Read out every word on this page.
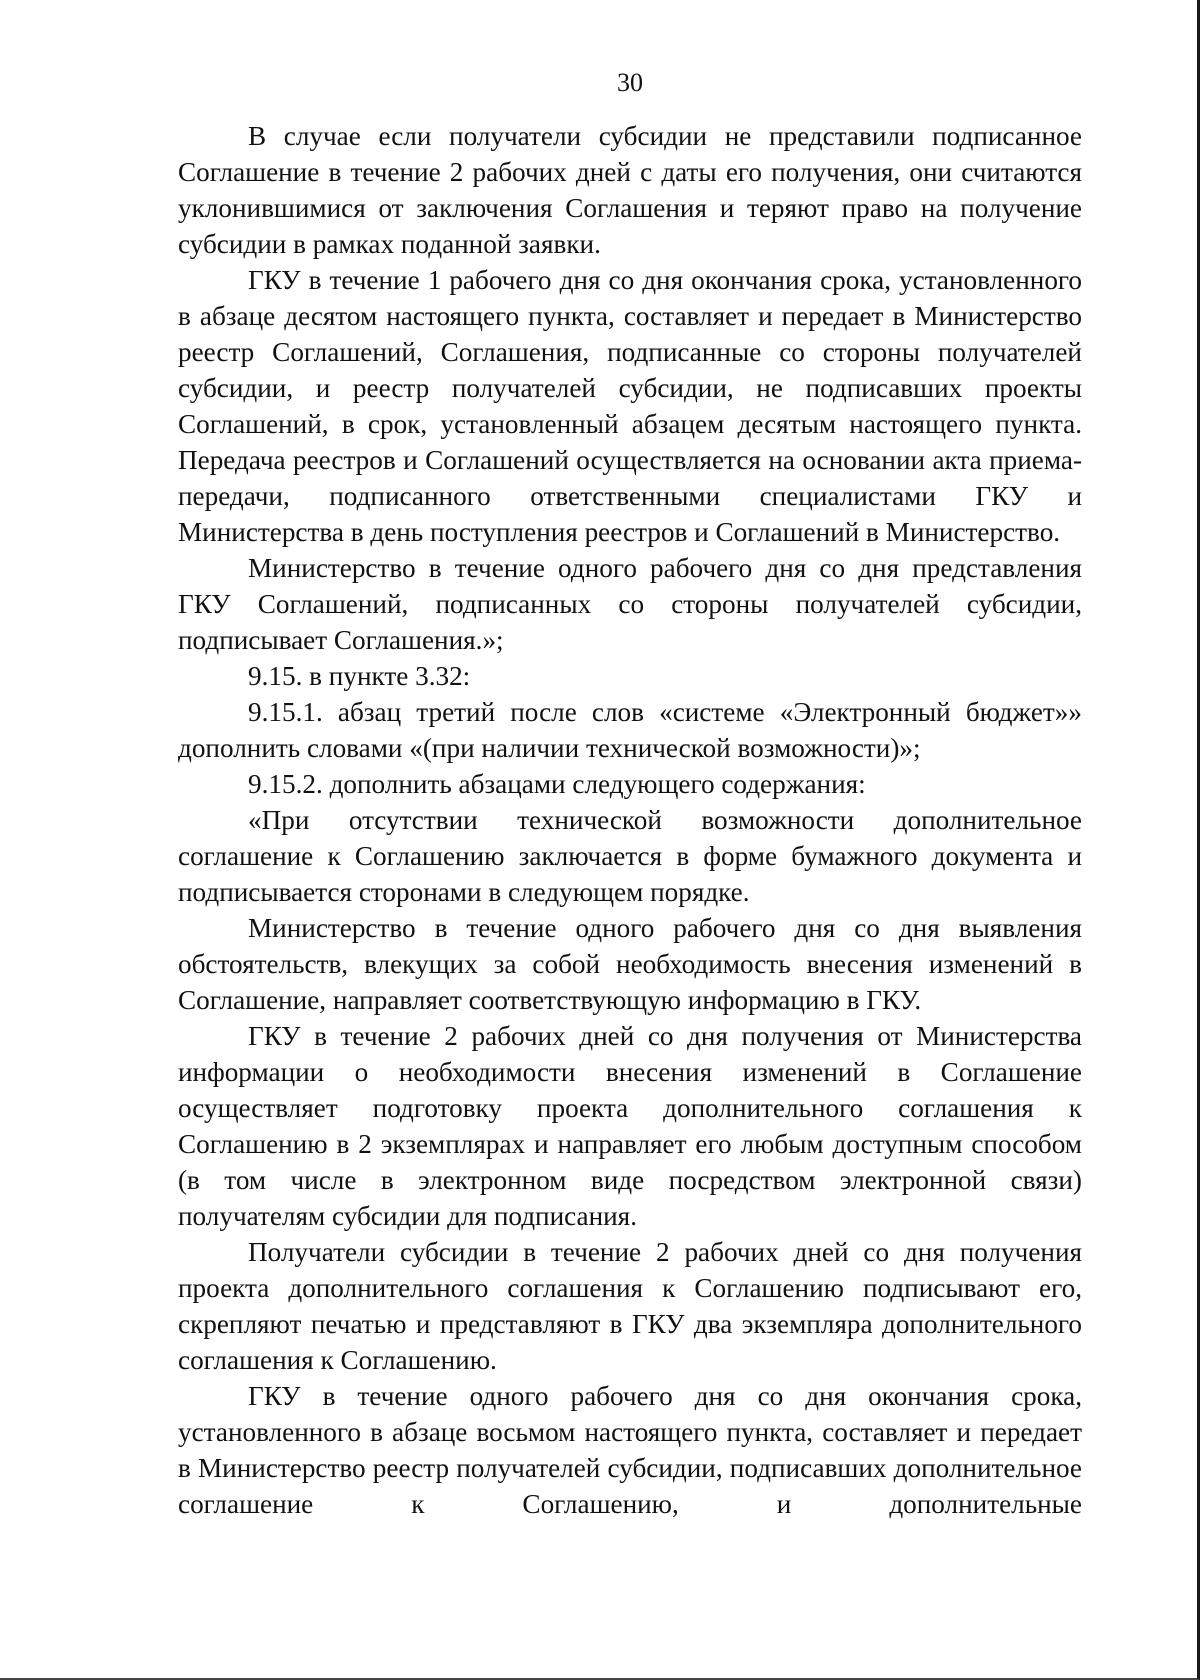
30

В случае если получатели субсидии не представили подписанное Соглашение в течение 2 рабочих дней с даты его получения, они считаются уклонившимися от заключения Соглашения и теряют право на получение субсидии в рамках поданной заявки.

ГКУ в течение 1 рабочего дня со дня окончания срока, установленного в абзаце десятом настоящего пункта, составляет и передает в Министерство реестр Соглашений, Соглашения, подписанные со стороны получателей субсидии, и реестр получателей субсидии, не подписавших проекты Соглашений, в срок, установленный абзацем десятым настоящего пункта. Передача реестров и Соглашений осуществляется на основании акта приема-передачи, подписанного ответственными специалистами ГКУ и Министерства в день поступления реестров и Соглашений в Министерство.

Министерство в течение одного рабочего дня со дня представления ГКУ Соглашений, подписанных со стороны получателей субсидии, подписывает Соглашения.»;

9.15. в пункте 3.32:

9.15.1. абзац третий после слов «системе «Электронный бюджет»» дополнить словами «(при наличии технической возможности)»;

9.15.2. дополнить абзацами следующего содержания:

«При отсутствии технической возможности дополнительное соглашение к Соглашению заключается в форме бумажного документа и подписывается сторонами в следующем порядке.

Министерство в течение одного рабочего дня со дня выявления обстоятельств, влекущих за собой необходимость внесения изменений в Соглашение, направляет соответствующую информацию в ГКУ.

ГКУ в течение 2 рабочих дней со дня получения от Министерства информации о необходимости внесения изменений в Соглашение осуществляет подготовку проекта дополнительного соглашения к Соглашению в 2 экземплярах и направляет его любым доступным способом (в том числе в электронном виде посредством электронной связи) получателям субсидии для подписания.

Получатели субсидии в течение 2 рабочих дней со дня получения проекта дополнительного соглашения к Соглашению подписывают его, скрепляют печатью и представляют в ГКУ два экземпляра дополнительного соглашения к Соглашению.

ГКУ в течение одного рабочего дня со дня окончания срока, установленного в абзаце восьмом настоящего пункта, составляет и передает в Министерство реестр получателей субсидии, подписавших дополнительное соглашение к Соглашению, и дополнительные
